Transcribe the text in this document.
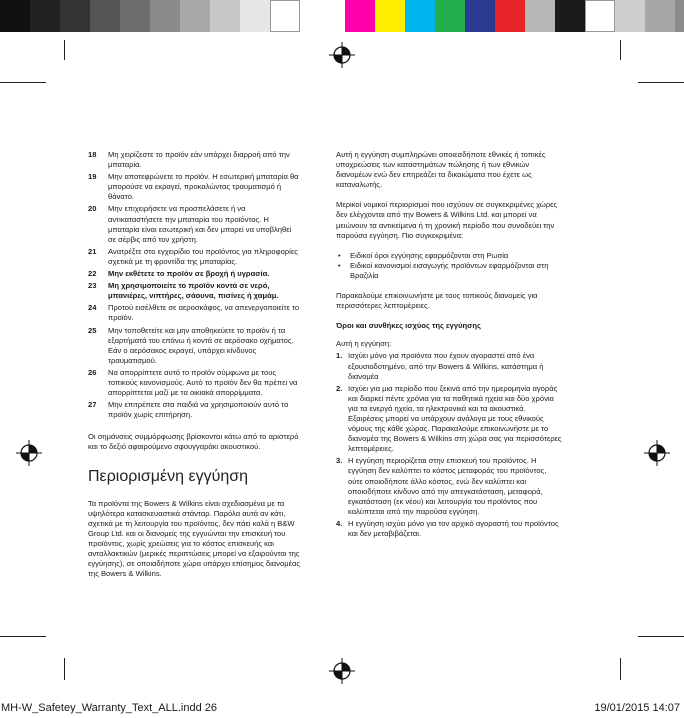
18	Μη χειρίζεστε το προϊόν εάν υπάρχει διαρροή από την μπαταρία.
19	Μην αποτεφρώνετε το προϊόν. Η εσωτερική μπαταρία θα μπορούσε να εκραγεί, προκαλώντας τραυματισμό ή θάνατο.
20	Μην επιχειρήσετε να προσπελάσετε ή να αντικαταστήσετε την μπαταρία του προϊόντος. Η μπαταρία είναι εσωτερική και δεν μπορεί να υποβληθεί σε σέρβις από τον χρήστη.
21	Ανατρέξτε στο εγχειρίδιο του προϊόντος για πληροφορίες σχετικά με τη φροντίδα της μπαταρίας.
22	Μην εκθέτετε το προϊόν σε βροχή ή υγρασία.
23	Μη χρησιμοποιείτε το προϊόν κοντά σε νερό, μπανιέρες, νιπτήρες, σάουνα, πισίνες ή χαμάμ.
24	Προτού εισέλθετε σε αεροσκάφος, να απενεργοποιείτε το προϊόν.
25	Μην τοποθετείτε και μην αποθηκεύετε το προϊόν ή τα εξαρτήματά του επάνω ή κοντά σε αερόσακο οχήματος. Εάν ο αερόσακος εκραγεί, υπάρχει κίνδυνος τραυματισμού.
26	Να απορρίπτετε αυτό το προϊόν σύμφωνα με τους τοπικούς κανονισμούς. Αυτό το προϊόν δεν θα πρέπει να απορρίπτεται μαζί με τα οικιακά απορρίμματα.
27	Μην επιτρέπετε στα παιδιά να χρησιμοποιούν αυτό το προϊόν χωρίς επιτήρηση.

Οι σημάνσεις συμμόρφωσης βρίσκονται κάτω από το αριστερό και το δεξιό αφαιρούμενο σφουγγαράκι ακουστικού.

Περιορισμένη εγγύηση

Τα προϊόντα της Bowers & Wilkins είναι σχεδιασμένα με τα υψηλότερα κατασκευαστικά στάνταρ. Παρόλα αυτά αν κάτι, σχετικά με τη λειτουργία του προϊόντος, δεν πάει καλά η B&W Group Ltd. και οι διανομείς της εγγυώνται την επισκευή του προϊόντος, χωρίς χρεώσεις για το κόστος επισκευής και ανταλλακτικών (μερικές περιπτώσεις μπορεί να εξαιρούνται της εγγύησης), σε οποιαδήποτε χώρα υπάρχει επίσημος διανομέας της Bowers & Wilkins.

Αυτή η εγγύηση συμπληρώνει οποιεσδήποτε εθνικές ή τοπικές υποχρεώσεις των καταστημάτων πώλησης ή των εθνικών διανομέων ενώ δεν επηρεάζει τα δικαιώματα που έχετε ως καταναλωτής.

Μερικοί νομικοί περιορισμοί που ισχύουν σε συγκεκριμένες χώρες δεν ελέγχονται από την Bowers & Wilkins Ltd. και μπορεί να μειώνουν τα αντικείμενα ή τη χρονική περίοδο που συνοδεύει την παρούσα εγγύηση. Πιο συγκεκριμένα:

•	Ειδικοί όροι εγγύησης εφαρμόζονται στη Ρωσία
•	Ειδικοί κανονισμοί εισαγωγής προϊόντων εφαρμόζονται στη Βραζιλία

Παρακαλούμε επικοινωνήστε με τους τοπικούς διανομείς για περισσότερες λεπτομέρειες.

Όροι και συνθήκες ισχύος της εγγύησης

Αυτή η εγγύηση:

1. Ισχύει μόνο για προϊόντα που έχουν αγοραστεί από ένα εξουσιοδοτημένο, από την Bowers & Wilkins, κατάστημα ή διανομέα
2. Ισχύει για μια περίοδο που ξεκινά από την ημερομηνία αγοράς και διαρκεί πέντε χρόνια για τα παθητικά ηχεία και δύο χρόνια για τα ενεργά ηχεία, τα ηλεκτρονικά και τα ακουστικά. Εξαιρέσεις μπορεί να υπάρχουν ανάλογα με τους εθνικούς νόμους της κάθε χώρας. Παρακαλούμε επικοινωνήστε με το διανομέα της Bowers & Wilkins στη χώρα σας για περισσότερες λεπτομέρειες.
3. Η εγγύηση περιορίζεται στην επισκευή του προϊόντος. Η εγγύηση δεν καλύπτει το κόστος μεταφοράς του προϊόντος, ούτε οποιοδήποτε άλλο κόστος, ενώ δεν καλύπτει και οποιοδήποτε κίνδυνο από την απεγκατάσταση, μεταφορά, εγκατάσταση (εκ νέου) και λειτουργία του προϊόντος που καλύπτεται από την παρούσα εγγύηση.
4. Η εγγύηση ισχύει μόνο για τον αρχικό αγοραστή του προϊόντος και δεν μεταβιβάζεται.
MH-W_Safetey_Warranty_Text_ALL.indd 26	19/01/2015 14:07
